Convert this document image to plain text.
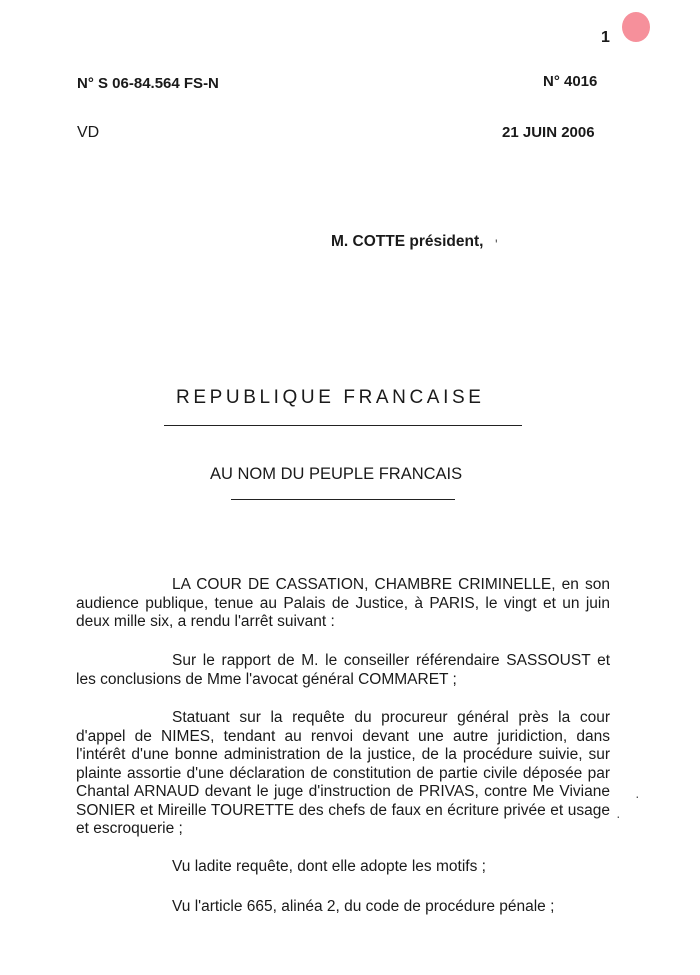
1
N° S 06-84.564 FS-N	N° 4016
VD	21 JUIN 2006
M. COTTE président,
REPUBLIQUE FRANCAISE
AU NOM DU PEUPLE FRANCAIS
LA COUR DE CASSATION, CHAMBRE CRIMINELLE, en son audience publique, tenue au Palais de Justice, à PARIS, le vingt et un juin deux mille six, a rendu l'arrêt suivant :
Sur le rapport de M. le conseiller référendaire SASSOUST et les conclusions de Mme l'avocat général COMMARET ;
Statuant sur la requête du procureur général près la cour d'appel de NIMES, tendant au renvoi devant une autre juridiction, dans l'intérêt d'une bonne administration de la justice, de la procédure suivie, sur plainte assortie d'une déclaration de constitution de partie civile déposée par Chantal ARNAUD devant le juge d'instruction de PRIVAS, contre Me Viviane SONIER et Mireille TOURETTE des chefs de faux en écriture privée et usage et escroquerie ;
Vu ladite requête, dont elle adopte les motifs ;
Vu l'article 665, alinéa 2, du code de procédure pénale ;
'
·
·
